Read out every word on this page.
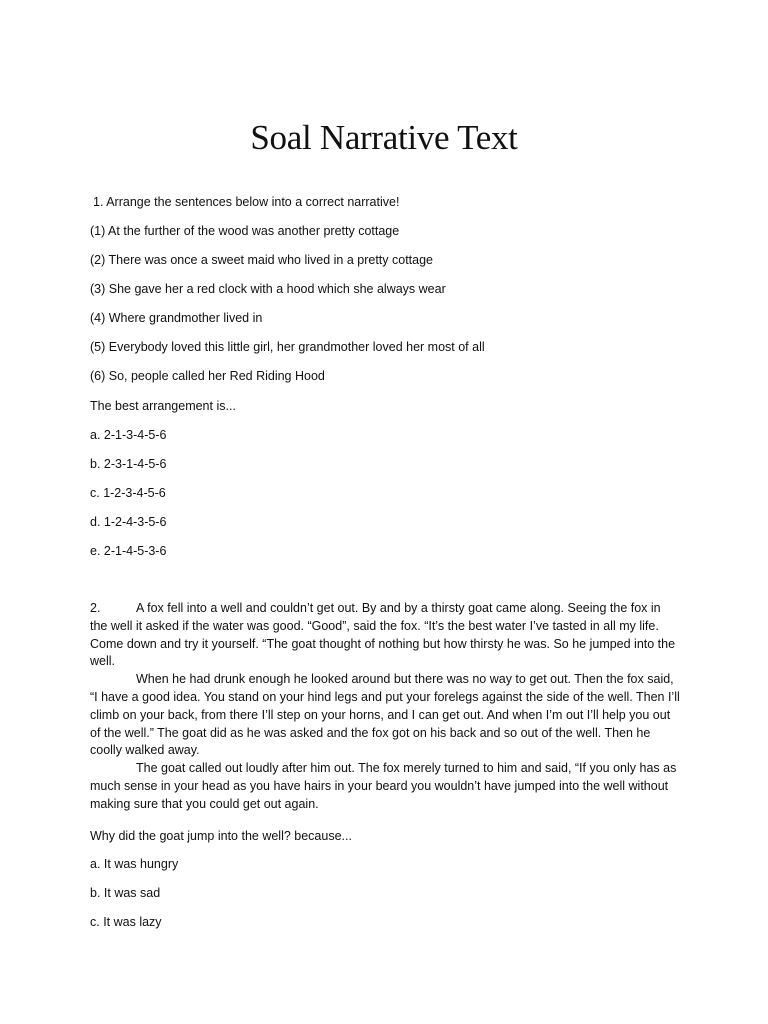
Soal Narrative Text

1. Arrange the sentences below into a correct narrative!

(1) At the further of the wood was another pretty cottage

(2) There was once a sweet maid who lived in a pretty cottage

(3) She gave her a red clock with a hood which she always wear

(4) Where grandmother lived in

(5) Everybody loved this little girl, her grandmother loved her most of all

(6) So, people called her Red Riding Hood

The best arrangement is...

a. 2-1-3-4-5-6

b. 2-3-1-4-5-6

c. 1-2-3-4-5-6

d. 1-2-4-3-5-6

e. 2-1-4-5-3-6

2.	A fox fell into a well and couldn’t get out. By and by a thirsty goat came along. Seeing the fox in the well it asked if the water was good. “Good”, said the fox. “It’s the best water I’ve tasted in all my life. Come down and try it yourself. “The goat thought of nothing but how thirsty he was. So he jumped into the well.

When he had drunk enough he looked around but there was no way to get out. Then the fox said, “I have a good idea. You stand on your hind legs and put your forelegs against the side of the well. Then I’ll climb on your back, from there I’ll step on your horns, and I can get out. And when I’m out I’ll help you out of the well.” The goat did as he was asked and the fox got on his back and so out of the well. Then he coolly walked away.

The goat called out loudly after him out. The fox merely turned to him and said, “If you only has as much sense in your head as you have hairs in your beard you wouldn’t have jumped into the well without making sure that you could get out again.

Why did the goat jump into the well? because...

a. It was hungry

b. It was sad

c. It was lazy
